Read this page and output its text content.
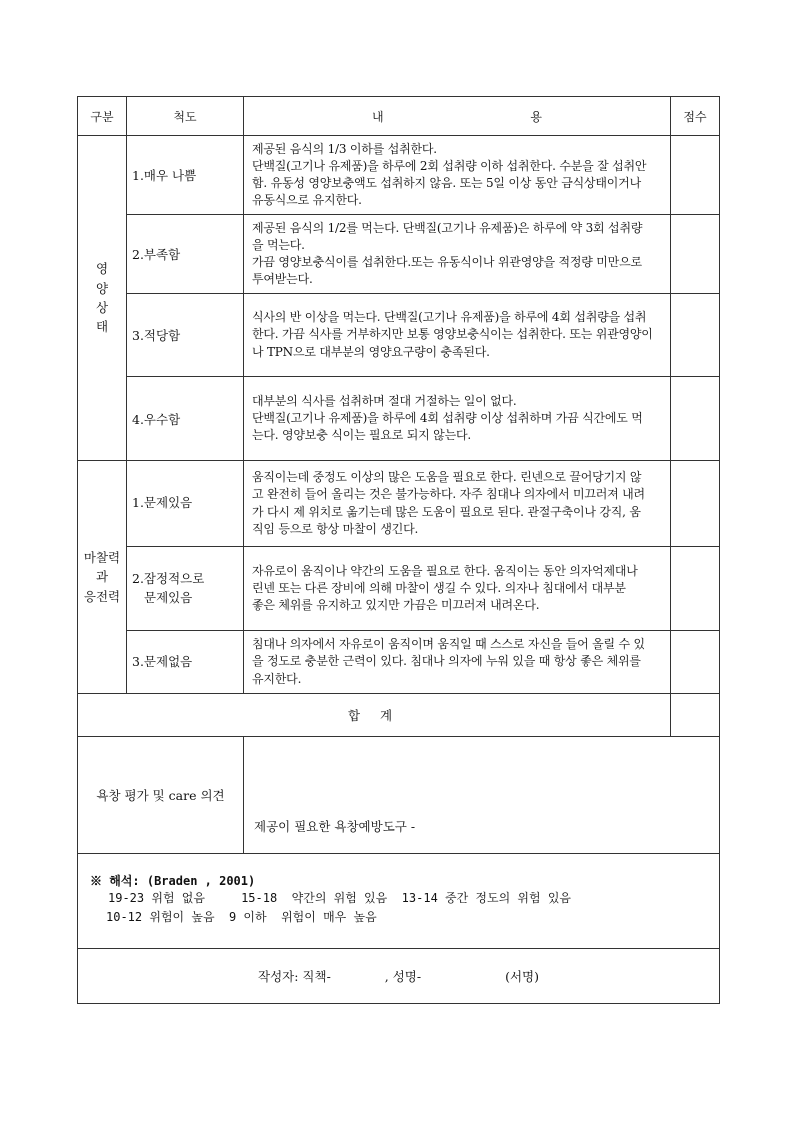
구분	척도	내 용	점수

영
양
상
태	1.매우 나쁨	제공된 음식의 1/3 이하를 섭취한다.
단백질(고기나 유제품)을 하루에 2회 섭취량 이하 섭취한다. 수분을 잘 섭취안
함. 유동성 영양보충액도 섭취하지 않음. 또는 5일 이상 동안 금식상태이거나
유동식으로 유지한다.	

	2.부족함	제공된 음식의 1/2를 먹는다. 단백질(고기나 유제품)은 하루에 약 3회 섭취량
을 먹는다.
가끔 영양보충식이를 섭취한다.또는 유동식이나 위관영양을 적정량 미만으로
투여받는다.	

	3.적당함	식사의 반 이상을 먹는다. 단백질(고기나 유제품)을 하루에 4회 섭취량을 섭취
한다. 가끔 식사를 거부하지만 보통 영양보충식이는 섭취한다. 또는 위관영양이
나 TPN으로 대부분의 영양요구량이 충족된다.	

	4.우수함	대부분의 식사를 섭취하며 절대 거절하는 일이 없다.
단백질(고기나 유제품)을 하루에 4회 섭취량 이상 섭취하며 가끔 식간에도 먹
는다. 영양보충 식이는 필요로 되지 않는다.	

마찰력
과
응전력	1.문제있음	움직이는데 중정도 이상의 많은 도움을 필요로 한다. 린넨으로 끌어당기지 않
고 완전히 들어 올리는 것은 불가능하다. 자주 침대나 의자에서 미끄러져 내려
가 다시 제 위치로 옮기는데 많은 도움이 필요로 된다. 관절구축이나 강직, 움
직임 등으로 항상 마찰이 생긴다.	

	2.잠정적으로
문제있음	자유로이 움직이나 약간의 도움을 필요로 한다. 움직이는 동안 의자억제대나
린넨 또는 다른 장비에 의해 마찰이 생길 수 있다. 의자나 침대에서 대부분
좋은 체위를 유지하고 있지만 가끔은 미끄러져 내려온다.	

	3.문제없음	침대나 의자에서 자유로이 움직이며 움직일 때 스스로 자신을 들어 올릴 수 있
을 정도로 충분한 근력이 있다. 침대나 의자에 누워 있을 때 항상 좋은 체위를
유지한다.	

합 계			
욕창 평가 및 care 의견		제공이 필요한 욕창예방도구 -	

※ 해석: (Braden , 2001)
19-23 위험 없음     15-18  약간의 위험 있음  13-14 중간 정도의 위험 있음
10-12 위험이 높음  9 이하  위험이 매우 높음			

작성자: 직책- , 성명- (서명)			
